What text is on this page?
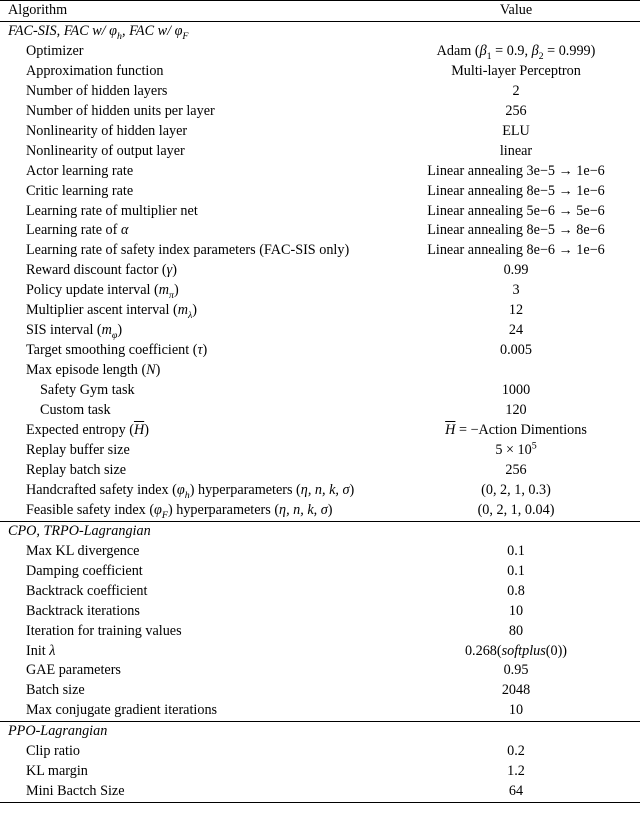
Algorithm	Value
FAC-SIS, FAC w/ $\varphi_h$, FAC w/ $\varphi_F$
Optimizer	Adam ($\beta_1 = 0.9$, $\beta_2 = 0.999$)
Approximation function	Multi-layer Perceptron
Number of hidden layers	2
Number of hidden units per layer	256
Nonlinearity of hidden layer	ELU
Nonlinearity of output layer	linear
Actor learning rate	Linear annealing 3e−5 → 1e−6
Critic learning rate	Linear annealing 8e−5 → 1e−6
Learning rate of multiplier net	Linear annealing 5e−6 → 5e−6
Learning rate of α	Linear annealing 8e−5 → 8e−6
Learning rate of safety index parameters (FAC-SIS only)	Linear annealing 8e−6 → 1e−6
Reward discount factor (γ)	0.99
Policy update interval $(m_\pi)$	3
Multiplier ascent interval $(m_\lambda)$	12
SIS interval $(m_\varphi)$	24
Target smoothing coefficient (τ)	0.005
Max episode length (N)	
Safety Gym task	1000
Custom task	120
Expected entropy $(\overline{H})$	$\overline{H}$ = −Action Dimentions
Replay buffer size	$5 \times 10^5$
Replay batch size	256
Handcrafted safety index $(\varphi_h)$ hyperparameters (η, n, k, σ)	(0, 2, 1, 0.3)
Feasible safety index $(\varphi_F)$ hyperparameters (η, n, k, σ)	(0, 2, 1, 0.04)
CPO, TRPO-Lagrangian	
Max KL divergence	0.1
Damping coefficient	0.1
Backtrack coefficient	0.8
Backtrack iterations	10
Iteration for training values	80
Init λ	0.268(softplus(0))
GAE parameters	0.95
Batch size	2048
Max conjugate gradient iterations	10
PPO-Lagrangian	
Clip ratio	0.2
KL margin	1.2
Mini Bactch Size	64
